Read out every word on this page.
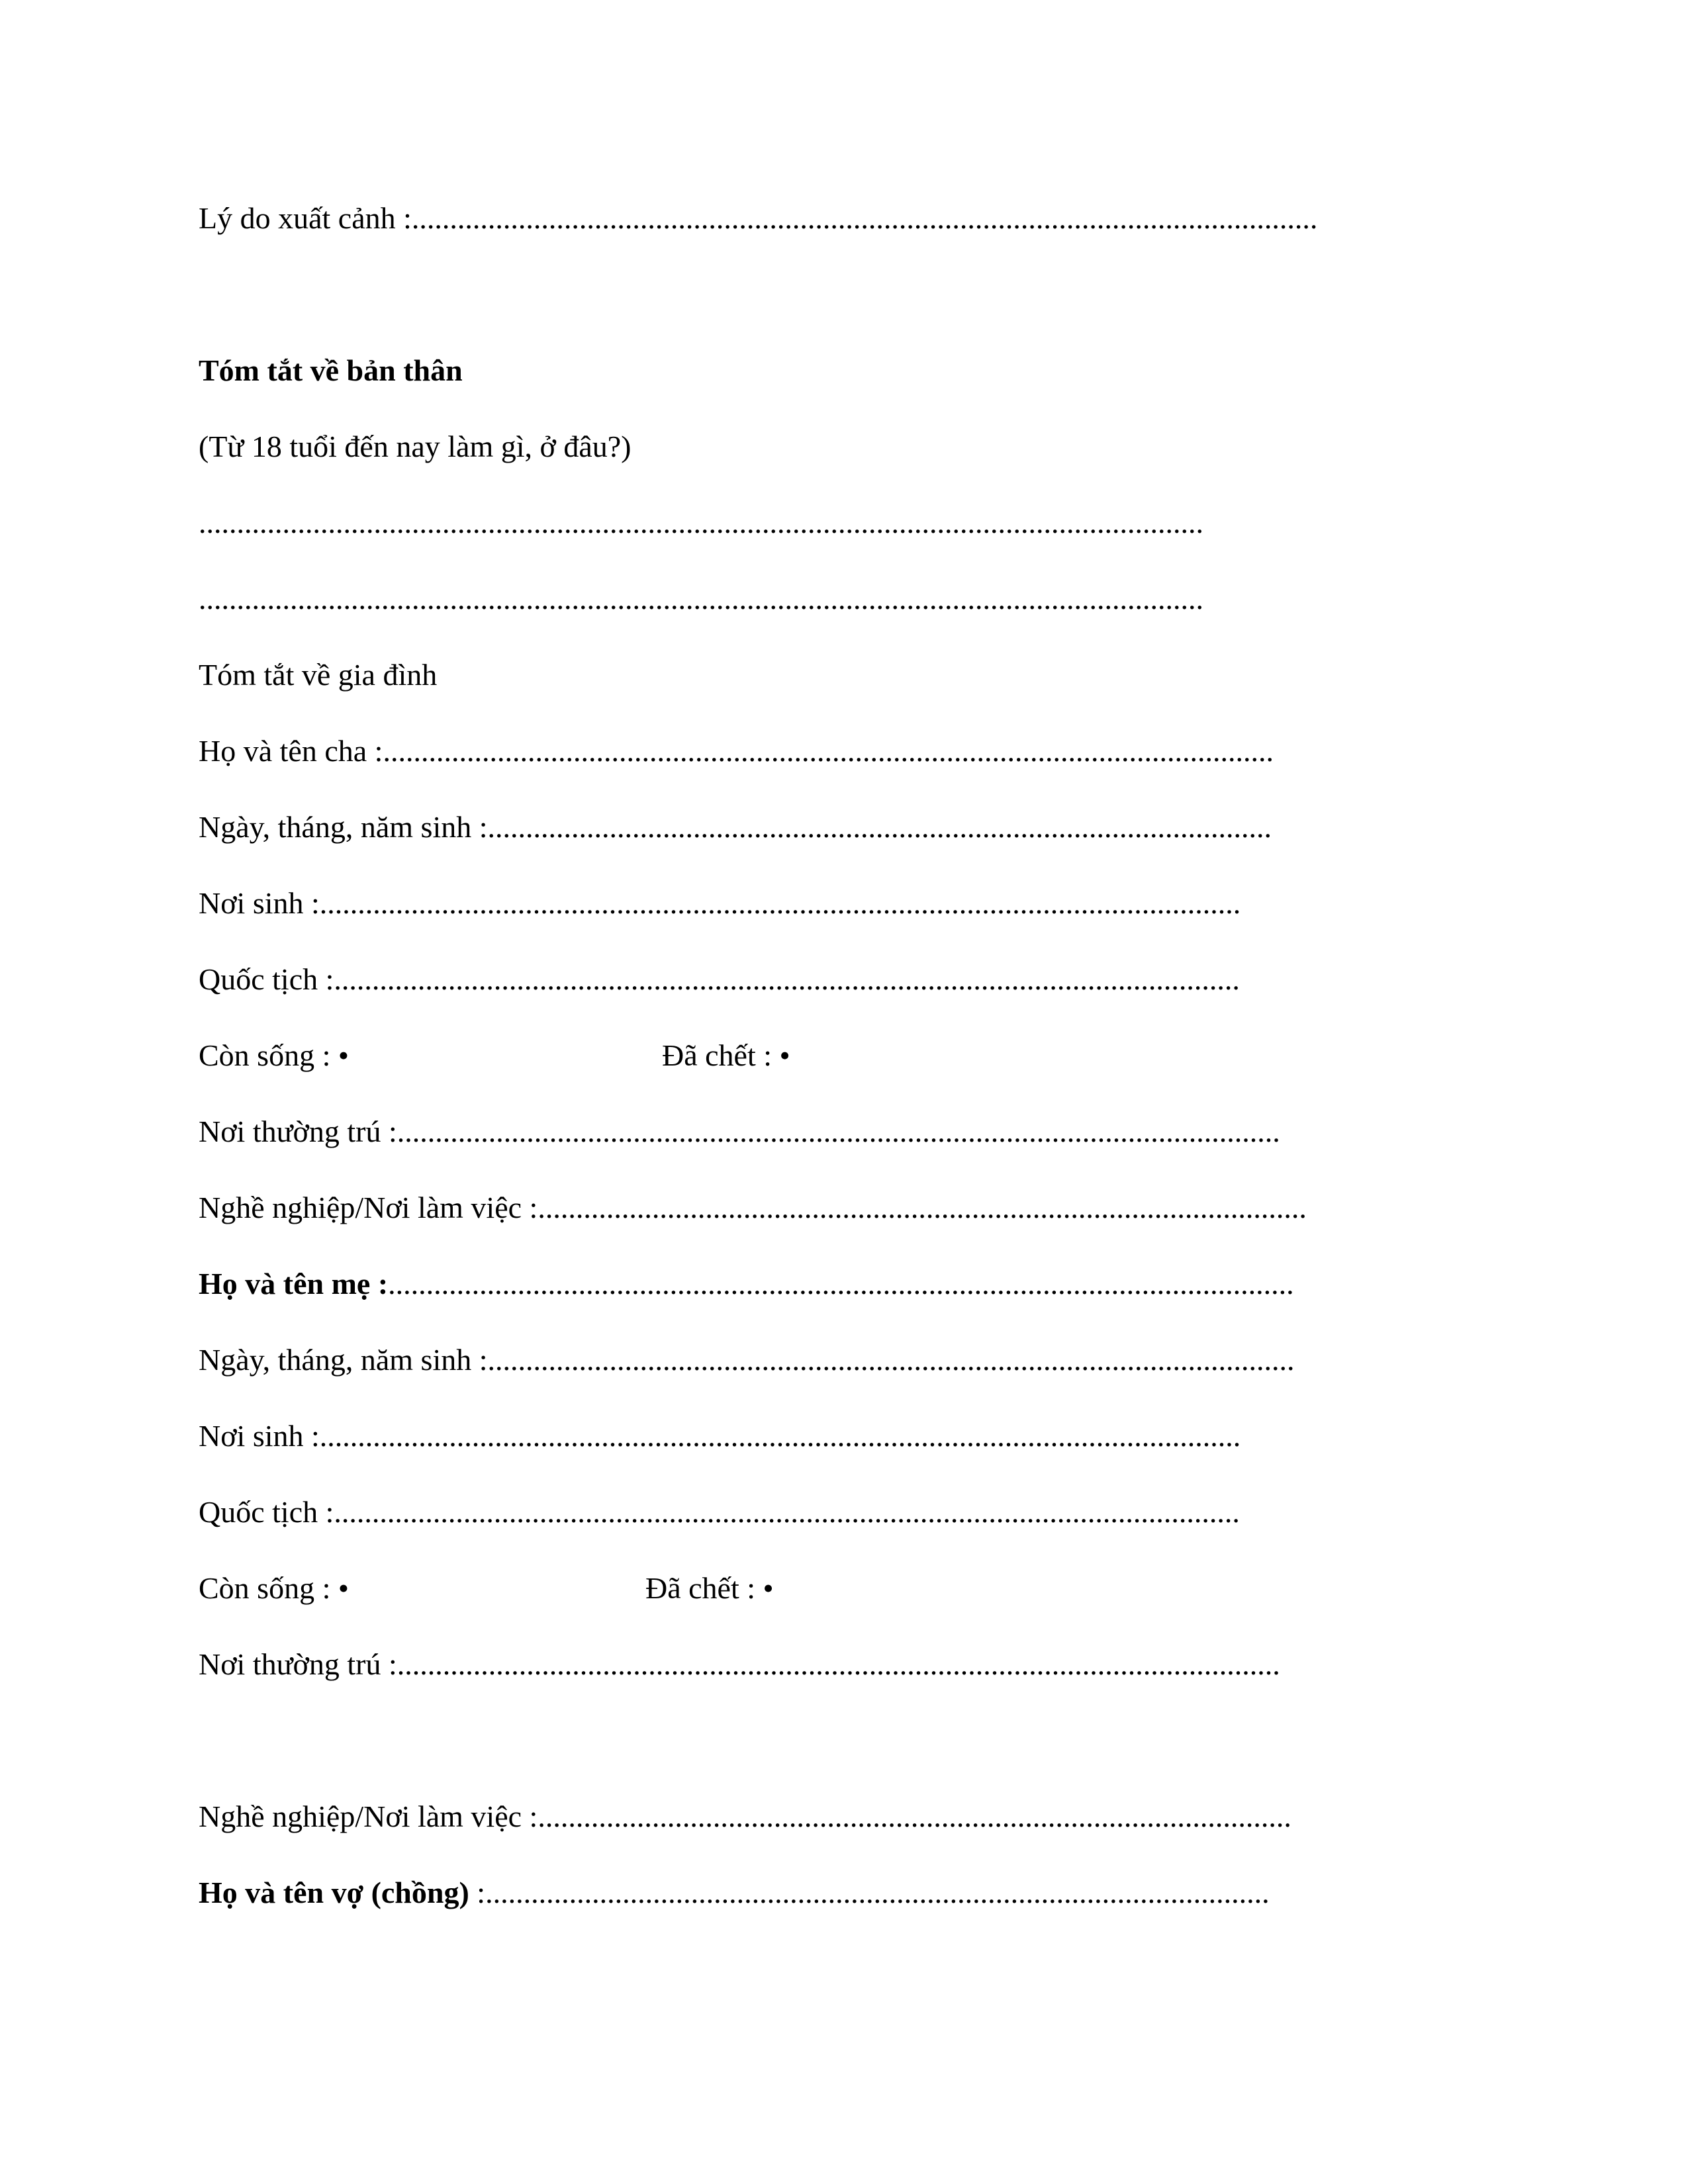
Lý do xuất cảnh :.......................................................................................................................
Tóm tắt về bản thân
(Từ 18 tuổi đến nay làm gì, ở đâu?)
....................................................................................................................................
....................................................................................................................................
Tóm tắt về gia đình
Họ và tên cha :.....................................................................................................................
Ngày, tháng, năm sinh :.......................................................................................................
Nơi sinh :.........................................................................................................................
Quốc tịch :.......................................................................................................................
Còn sống : •	Đã chết : •
Nơi thường trú :....................................................................................................................
Nghề nghiệp/Nơi làm việc :.....................................................................................................
Họ và tên mẹ :.......................................................................................................................
Ngày, tháng, năm sinh :..........................................................................................................
Nơi sinh :.........................................................................................................................
Quốc tịch :.......................................................................................................................
Còn sống : •	Đã chết : •
Nơi thường trú :....................................................................................................................
Nghề nghiệp/Nơi làm việc :...................................................................................................
Họ và tên vợ (chồng) :.......................................................................................................
